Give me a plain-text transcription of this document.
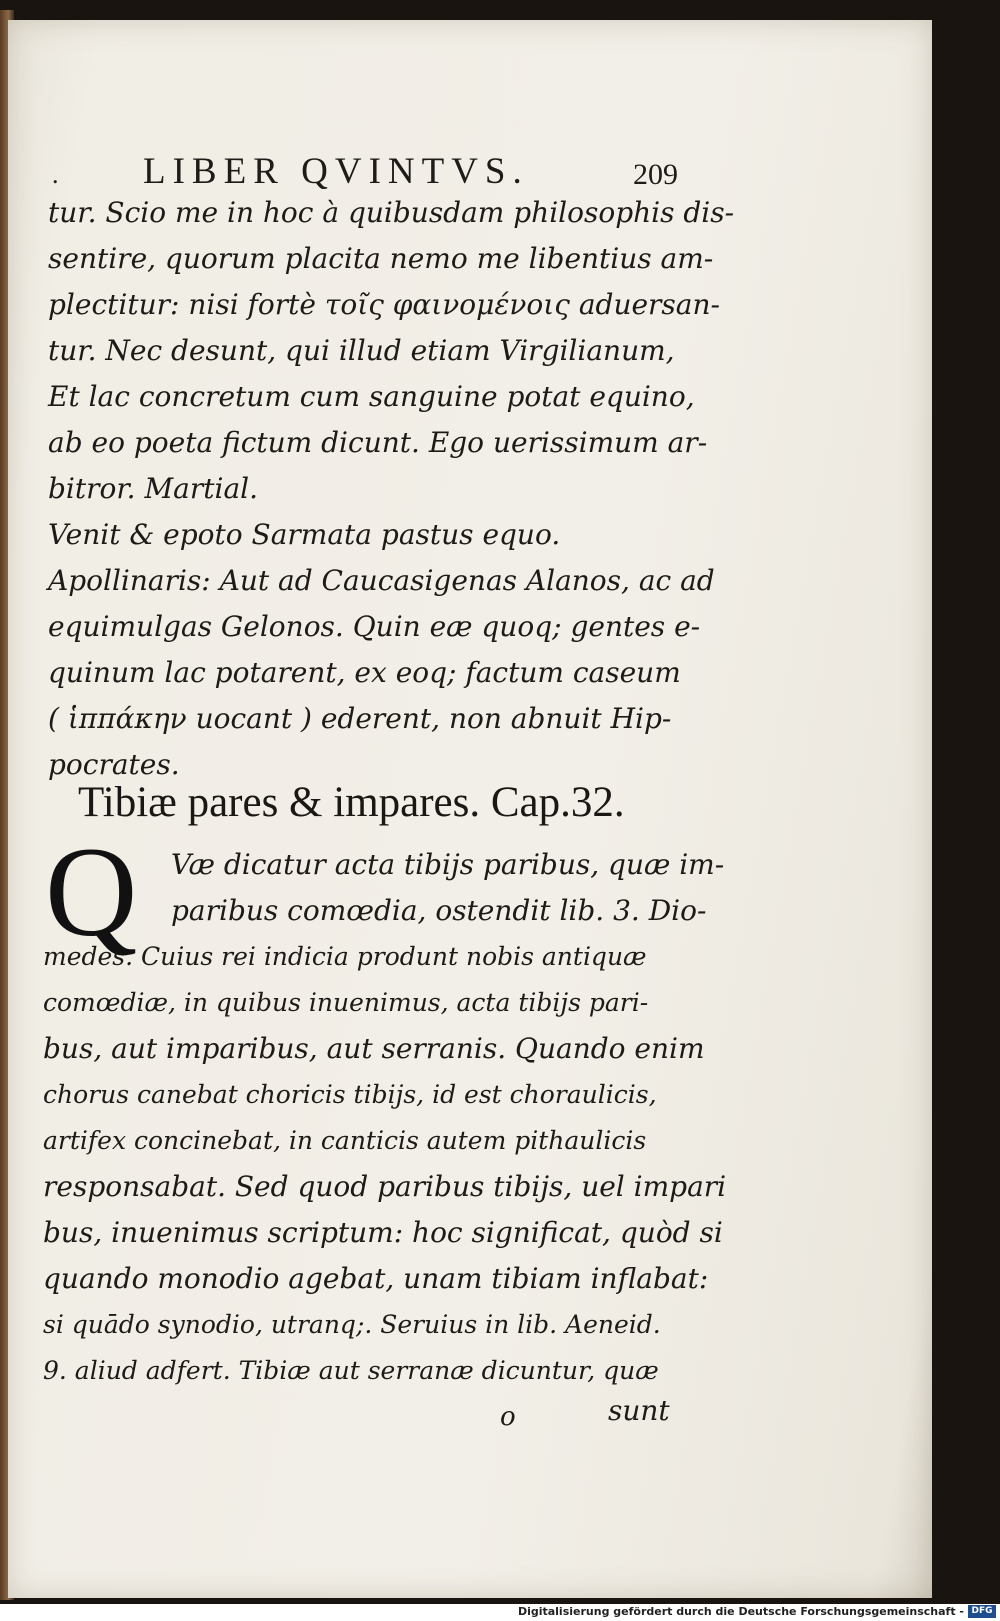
. LIBER QVINTVS.	209
tur. Scio me in hoc à quibusdam philosophis dis-
sentire, quorum placita nemo me libentius am-
plectitur: nisi fortè τοῖς φαινομένοις aduersan-
tur. Nec desunt, qui illud etiam Virgilianum,
Et lac concretum cum sanguine potat equino,
ab eo poeta fictum dicunt. Ego uerissimum ar-
bitror. Martial.
Venit & epoto Sarmata pastus equo.
Apollinaris: Aut ad Caucasigenas Alanos, ac ad
equimulgas Gelonos. Quin eæ quoq; gentes e-
quinum lac potarent, ex eoq; factum caseum
( ἱππάκην uocant ) ederent, non abnuit Hip-
pocrates.
Tibiæ pares & impares. Cap.32.
Q	Væ dicatur acta tibijs paribus, quæ im-
paribus comœdia, ostendit lib. 3. Dio-
medes. Cuius rei indicia produnt nobis antiquæ
comœdiæ, in quibus inuenimus, acta tibijs pari-
bus, aut imparibus, aut serranis. Quando enim
chorus canebat choricis tibijs, id est choraulicis,
artifex concinebat, in canticis autem pithaulicis
responsabat. Sed quod paribus tibijs, uel impari
bus, inuenimus scriptum: hoc significat, quòd si
quando monodio agebat, unam tibiam inflabat:
si quādo synodio, utranq;. Seruius in lib. Aeneid.
9. aliud adfert. Tibiæ aut serranæ dicuntur, quæ
o	sunt
Digitalisierung gefördert durch die Deutsche Forschungsgemeinschaft - DFG
